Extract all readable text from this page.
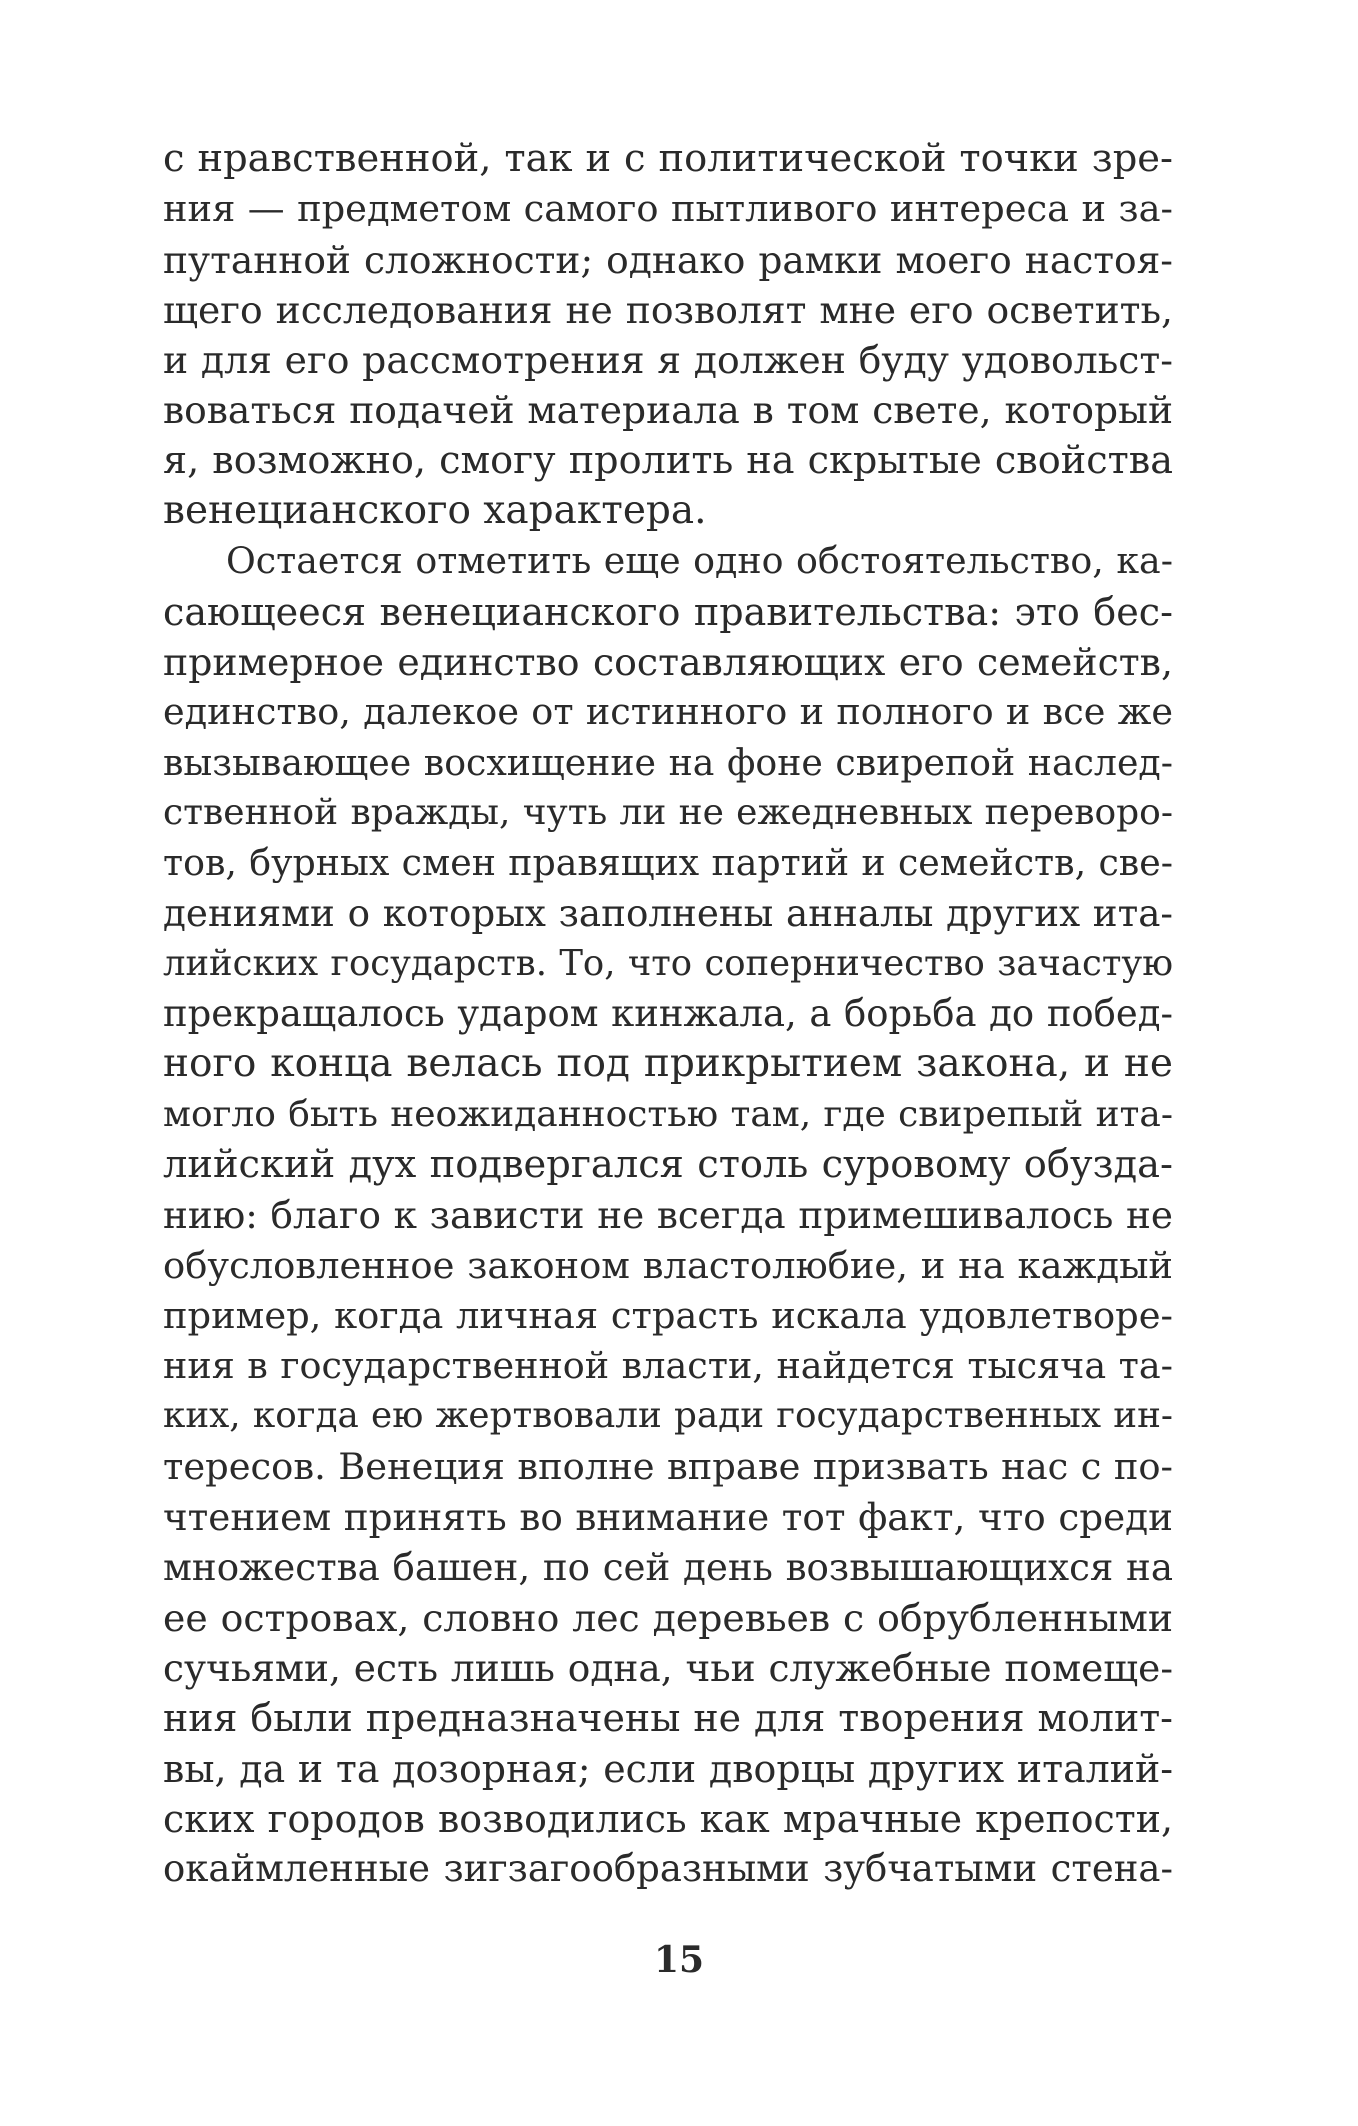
с нравственной, так и с политической точки зре-
ния — предметом самого пытливого интереса и за-
путанной сложности; однако рамки моего настоя-
щего исследования не позволят мне его осветить,
и для его рассмотрения я должен буду удовольст-
воваться подачей материала в том свете, который
я, возможно, смогу пролить на скрытые свойства
венецианского характера.
Остается отметить еще одно обстоятельство, ка-
сающееся венецианского правительства: это бес-
примерное единство составляющих его семейств,
единство, далекое от истинного и полного и все же
вызывающее восхищение на фоне свирепой наслед-
ственной вражды, чуть ли не ежедневных переворо-
тов, бурных смен правящих партий и семейств, све-
дениями о которых заполнены анналы других ита-
лийских государств. То, что соперничество зачастую
прекращалось ударом кинжала, а борьба до побед-
ного конца велась под прикрытием закона, и не
могло быть неожиданностью там, где свирепый ита-
лийский дух подвергался столь суровому обузда-
нию: благо к зависти не всегда примешивалось не
обусловленное законом властолюбие, и на каждый
пример, когда личная страсть искала удовлетворе-
ния в государственной власти, найдется тысяча та-
ких, когда ею жертвовали ради государственных ин-
тересов. Венеция вполне вправе призвать нас с по-
чтением принять во внимание тот факт, что среди
множества башен, по сей день возвышающихся на
ее островах, словно лес деревьев с обрубленными
сучьями, есть лишь одна, чьи служебные помеще-
ния были предназначены не для творения молит-
вы, да и та дозорная; если дворцы других италий-
ских городов возводились как мрачные крепости,
окаймленные зигзагообразными зубчатыми стена-
15
